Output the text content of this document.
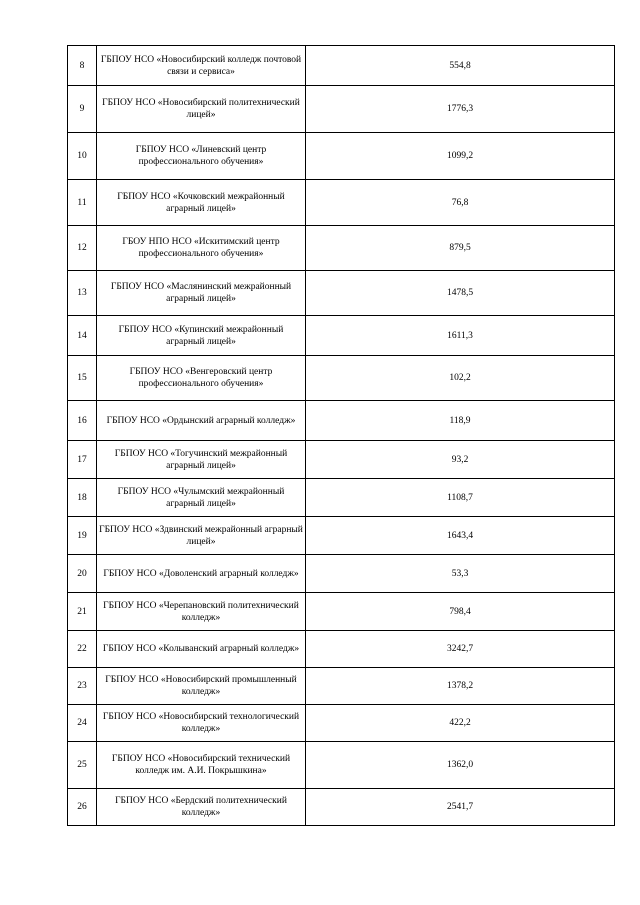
8	ГБПОУ НСО «Новосибирский колледж почтовой связи и сервиса»	554,8
9	ГБПОУ НСО «Новосибирский политехнический лицей»	1776,3
10	ГБПОУ НСО «Линевский центр профессионального обучения»	1099,2
11	ГБПОУ НСО «Кочковский межрайонный аграрный лицей»	76,8
12	ГБОУ НПО НСО «Искитимский центр профессионального обучения»	879,5
13	ГБПОУ НСО «Маслянинский межрайонный аграрный лицей»	1478,5
14	ГБПОУ НСО «Купинский межрайонный аграрный лицей»	1611,3
15	ГБПОУ НСО «Венгеровский центр профессионального обучения»	102,2
16	ГБПОУ НСО «Ордынский аграрный колледж»	118,9
17	ГБПОУ НСО «Тогучинский межрайонный аграрный лицей»	93,2
18	ГБПОУ НСО «Чулымский межрайонный аграрный лицей»	1108,7
19	ГБПОУ НСО «Здвинский межрайонный аграрный лицей»	1643,4
20	ГБПОУ НСО «Доволенский аграрный колледж»	53,3
21	ГБПОУ НСО «Черепановский политехнический колледж»	798,4
22	ГБПОУ НСО «Колыванский аграрный колледж»	3242,7
23	ГБПОУ НСО «Новосибирский промышленный колледж»	1378,2
24	ГБПОУ НСО «Новосибирский технологический колледж»	422,2
25	ГБПОУ НСО «Новосибирский технический колледж им. А.И. Покрышкина»	1362,0
26	ГБПОУ НСО «Бердский политехнический колледж»	2541,7
